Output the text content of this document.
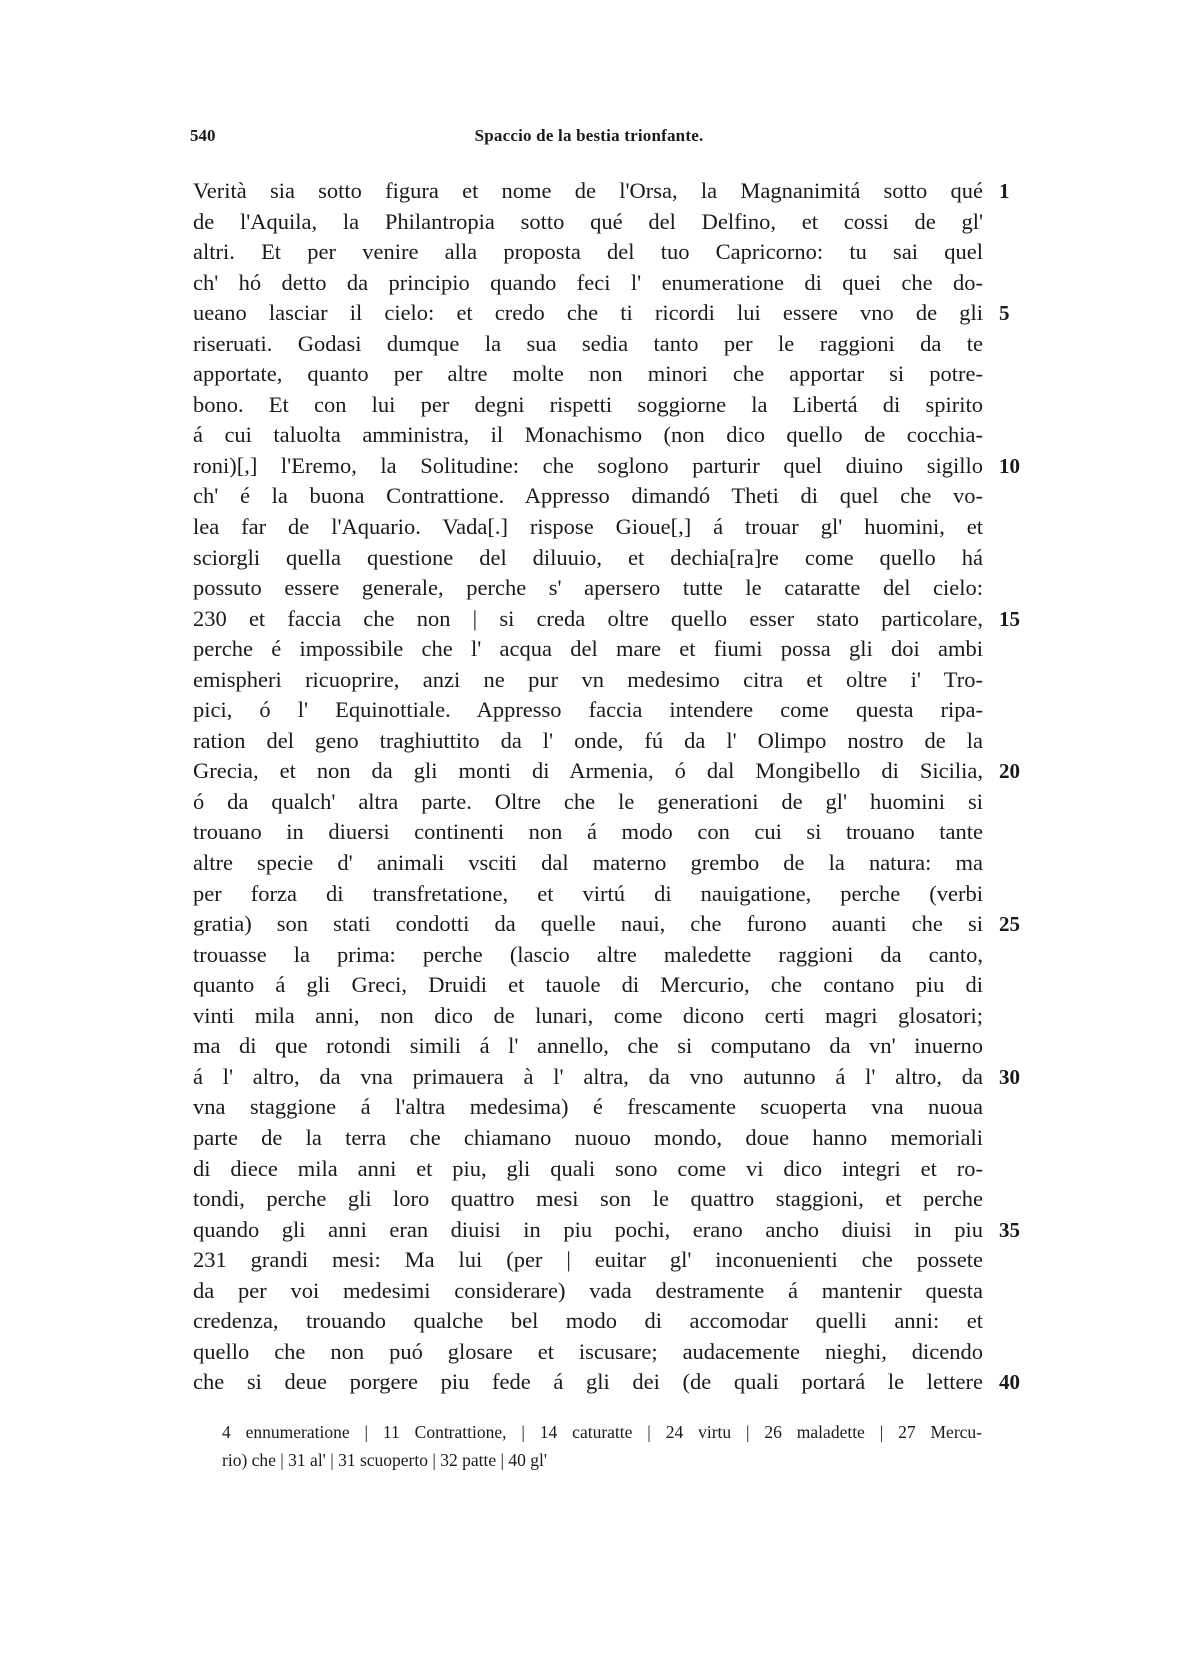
540	Spaccio de la bestia trionfante.
Verità sia sotto figura et nome de l'Orsa, la Magnanimitá sotto qué 1
de l'Aquila, la Philantropia sotto qué del Delfino, et cossi de gl'
altri. Et per venire alla proposta del tuo Capricorno: tu sai quel
ch' hó detto da principio quando feci l' enumeratione di quei che do-
ueano lasciar il cielo: et credo che ti ricordi lui essere vno de gli 5
riseruati. Godasi dumque la sua sedia tanto per le raggioni da te
apportate, quanto per altre molte non minori che apportar si potre-
bono. Et con lui per degni rispetti soggiorne la Libertá di spirito
á cui taluolta amministra, il Monachismo (non dico quello de cocchia-
roni)[,] l'Eremo, la Solitudine: che soglono parturir quel diuino sigillo 10
ch' é la buona Contrattione. Appresso dimandó Theti di quel che vo-
lea far de l'Aquario. Vada[.] rispose Gioue[,] á trouar gl' huomini, et
sciorgli quella questione del diluuio, et dechia[ra]re come quello há
possuto essere generale, perche s' apersero tutte le cataratte del cielo:
230 et faccia che non | si creda oltre quello esser stato particolare, 15
perche é impossibile che l' acqua del mare et fiumi possa gli doi ambi
emispheri ricuoprire, anzi ne pur vn medesimo citra et oltre i' Tro-
pici, ó l' Equinottiale. Appresso faccia intendere come questa ripa-
ration del geno traghiuttito da l' onde, fú da l' Olimpo nostro de la
Grecia, et non da gli monti di Armenia, ó dal Mongibello di Sicilia, 20
ó da qualch' altra parte. Oltre che le generationi de gl' huomini si
trouano in diuersi continenti non á modo con cui si trouano tante
altre specie d' animali vsciti dal materno grembo de la natura: ma
per forza di transfretatione, et virtú di nauigatione, perche (verbi
gratia) son stati condotti da quelle naui, che furono auanti che si 25
trouasse la prima: perche (lascio altre maledette raggioni da canto,
quanto á gli Greci, Druidi et tauole di Mercurio, che contano piu di
vinti mila anni, non dico de lunari, come dicono certi magri glosatori;
ma di que rotondi simili á l' annello, che si computano da vn' inuerno
á l' altro, da vna primauera à l' altra, da vno autunno á l' altro, da 30
vna staggione á l'altra medesima) é frescamente scuoperta vna nuoua
parte de la terra che chiamano nuouo mondo, doue hanno memoriali
di diece mila anni et piu, gli quali sono come vi dico integri et ro-
tondi, perche gli loro quattro mesi son le quattro staggioni, et perche
quando gli anni eran diuisi in piu pochi, erano ancho diuisi in piu 35
231 grandi mesi: Ma lui (per | euitar gl' inconuenienti che possete
da per voi medesimi considerare) vada destramente á mantenir questa
credenza, trouando qualche bel modo di accomodar quelli anni: et
quello che non puó glosare et iscusare; audacemente nieghi, dicendo
che si deue porgere piu fede á gli dei (de quali portará le lettere 40
4 ennumeratione | 11 Contrattione, | 14 caturatte | 24 virtu | 26 maladette | 27 Mercu-
rio) che | 31 al' | 31 scuoperto | 32 patte | 40 gl'
